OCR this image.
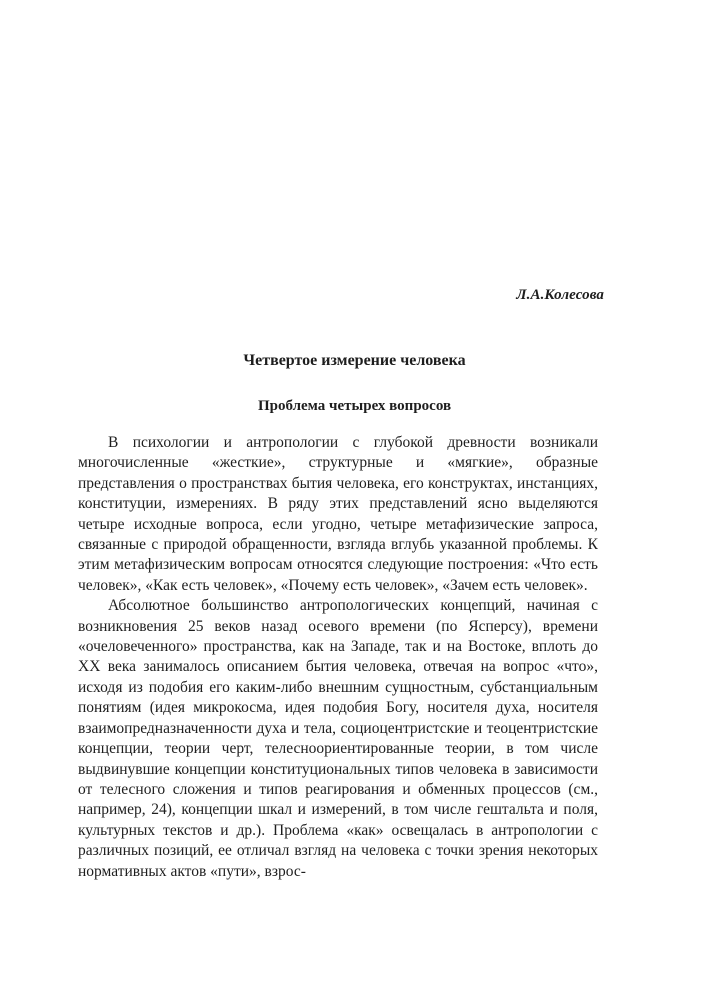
Л.А.Колесова
Четвертое измерение человека
Проблема четырех вопросов

В психологии и антропологии с глубокой древности возникали многочисленные «жесткие», структурные и «мягкие», образные представления о пространствах бытия человека, его конструктах, инстанциях, конституции, измерениях. В ряду этих представлений ясно выделяются четыре исходные вопроса, если угодно, четыре метафизические запроса, связанные с природой обращенности, взгляда вглубь указанной проблемы. К этим метафизическим вопросам относятся следующие построения: «Что есть человек», «Как есть человек», «Почему есть человек», «Зачем есть человек».

Абсолютное большинство антропологических концепций, начиная с возникновения 25 веков назад осевого времени (по Ясперсу), времени «очеловеченного» пространства, как на Западе, так и на Востоке, вплоть до XX века занималось описанием бытия человека, отвечая на вопрос «что», исходя из подобия его каким-либо внешним сущностным, субстанциальным понятиям (идея микрокосма, идея подобия Богу, носителя духа, носителя взаимопредназначенности духа и тела, социоцентристские и теоцентристские концепции, теории черт, телесноориентированные теории, в том числе выдвинувшие концепции конституциональных типов человека в зависимости от телесного сложения и типов реагирования и обменных процессов (см., например, 24), концепции шкал и измерений, в том числе гештальта и поля, культурных текстов и др.). Проблема «как» освещалась в антропологии с различных позиций, ее отличал взгляд на человека с точки зрения некоторых нормативных актов «пути», взрос-
